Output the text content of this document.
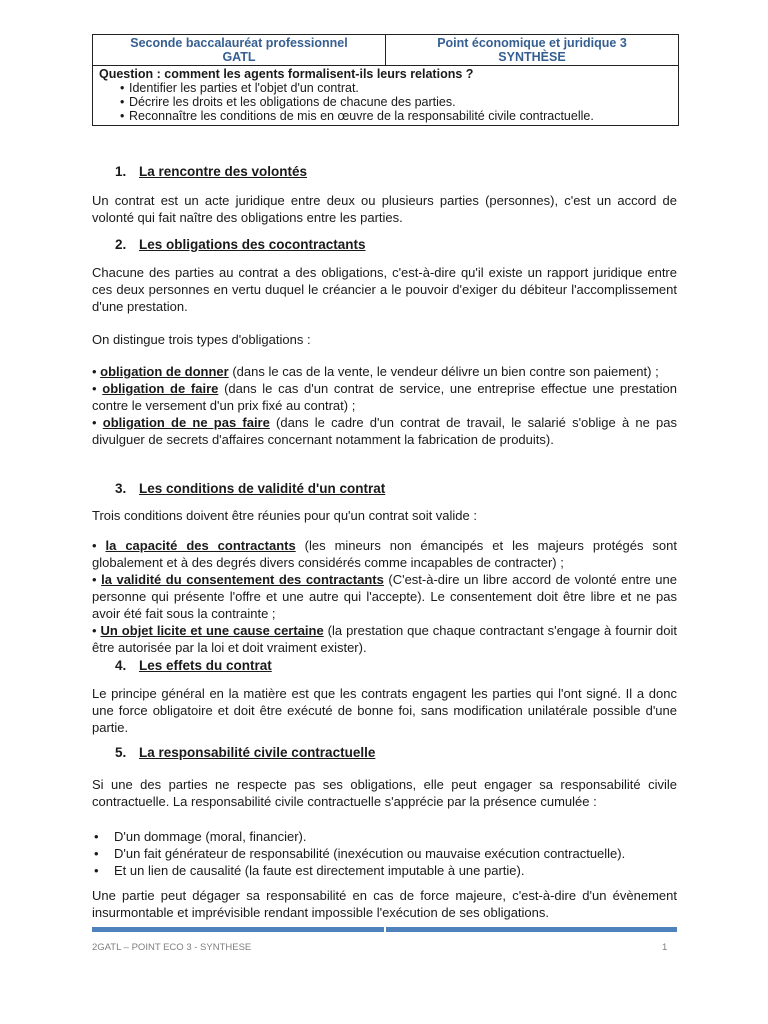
Seconde baccalauréat professionnel
GATL
Point économique et juridique 3
SYNTHÈSE
Question : comment les agents formalisent-ils leurs relations ?
• Identifier les parties et l'objet d'un contrat.
• Décrire les droits et les obligations de chacune des parties.
• Reconnaître les conditions de mis en œuvre de la responsabilité civile contractuelle.
1. La rencontre des volontés

Un contrat est un acte juridique entre deux ou plusieurs parties (personnes), c'est un accord de volonté qui fait naître des obligations entre les parties.

2. Les obligations des cocontractants

Chacune des parties au contrat a des obligations, c'est-à-dire qu'il existe un rapport juridique entre ces deux personnes en vertu duquel le créancier a le pouvoir d'exiger du débiteur l'accomplissement d'une prestation.

On distingue trois types d'obligations :

• obligation de donner (dans le cas de la vente, le vendeur délivre un bien contre son paiement) ;
• obligation de faire (dans le cas d'un contrat de service, une entreprise effectue une prestation contre le versement d'un prix fixé au contrat) ;
• obligation de ne pas faire (dans le cadre d'un contrat de travail, le salarié s'oblige à ne pas divulguer de secrets d'affaires concernant notamment la fabrication de produits).
3. Les conditions de validité d'un contrat

Trois conditions doivent être réunies pour qu'un contrat soit valide :

• la capacité des contractants (les mineurs non émancipés et les majeurs protégés sont globalement et à des degrés divers considérés comme incapables de contracter) ;
• la validité du consentement des contractants (C'est-à-dire un libre accord de volonté entre une personne qui présente l'offre et une autre qui l'accepte). Le consentement doit être libre et ne pas avoir été fait sous la contrainte ;
• Un objet licite et une cause certaine (la prestation que chaque contractant s'engage à fournir doit être autorisée par la loi et doit vraiment exister).
4. Les effets du contrat

Le principe général en la matière est que les contrats engagent les parties qui l'ont signé. Il a donc une force obligatoire et doit être exécuté de bonne foi, sans modification unilatérale possible d'une partie.

5. La responsabilité civile contractuelle

Si une des parties ne respecte pas ses obligations, elle peut engager sa responsabilité civile contractuelle. La responsabilité civile contractuelle s'apprécie par la présence cumulée :

• D'un dommage (moral, financier).
• D'un fait générateur de responsabilité (inexécution ou mauvaise exécution contractuelle).
• Et un lien de causalité (la faute est directement imputable à une partie).

Une partie peut dégager sa responsabilité en cas de force majeure, c'est-à-dire d'un évènement insurmontable et imprévisible rendant impossible l'exécution de ses obligations.

2GATL – POINT ECO 3 - SYNTHESE	1
